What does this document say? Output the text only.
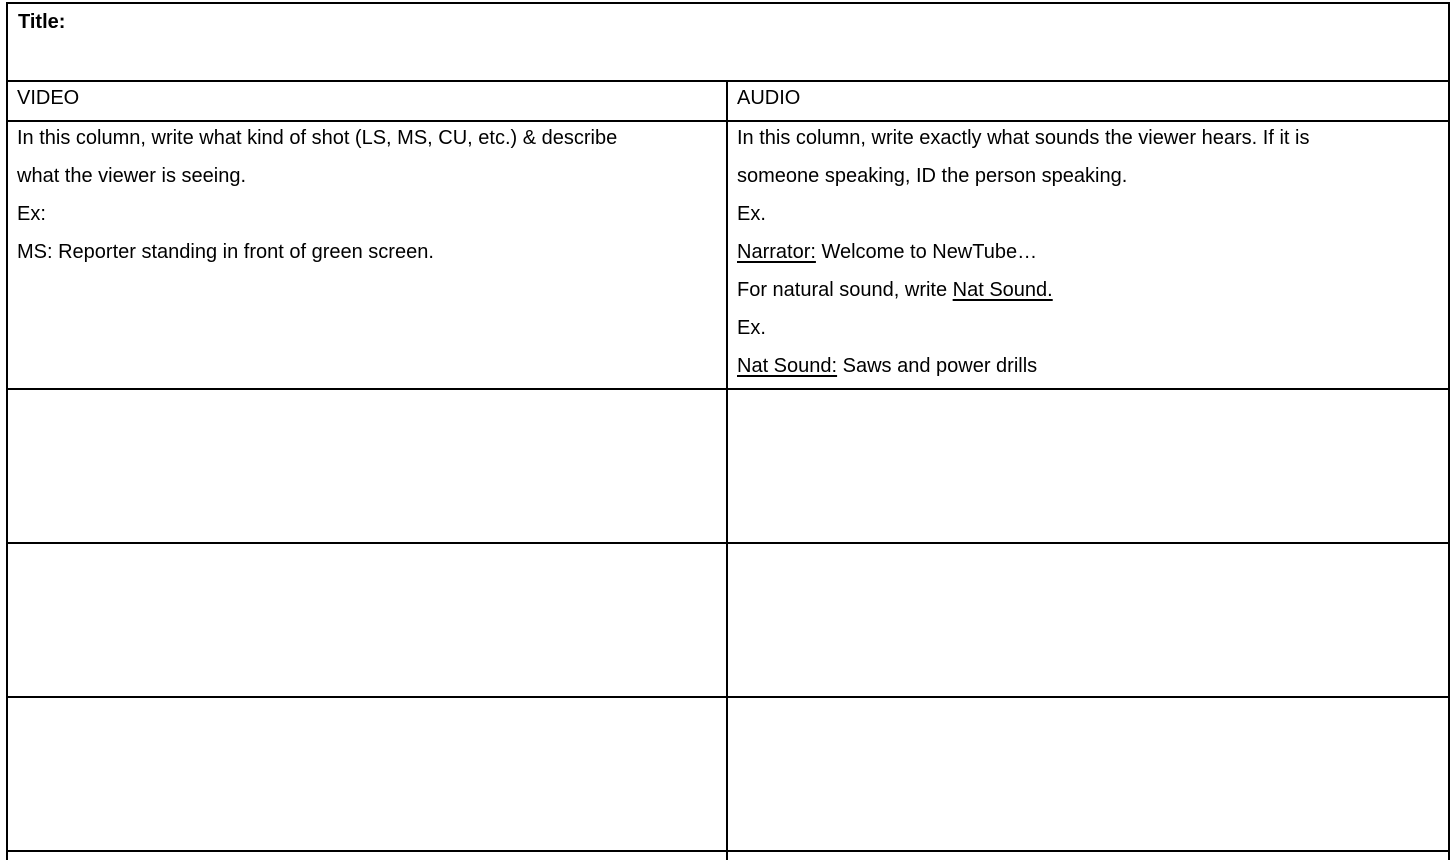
Title:
VIDEO	AUDIO

In this column, write what kind of shot (LS, MS, CU, etc.) & describe

what the viewer is seeing.

Ex:

MS: Reporter standing in front of green screen.

In this column, write exactly what sounds the viewer hears. If it is

someone speaking, ID the person speaking.

Ex.

Narrator: Welcome to NewTube…

For natural sound, write Nat Sound.

Ex.

Nat Sound: Saws and power drills
